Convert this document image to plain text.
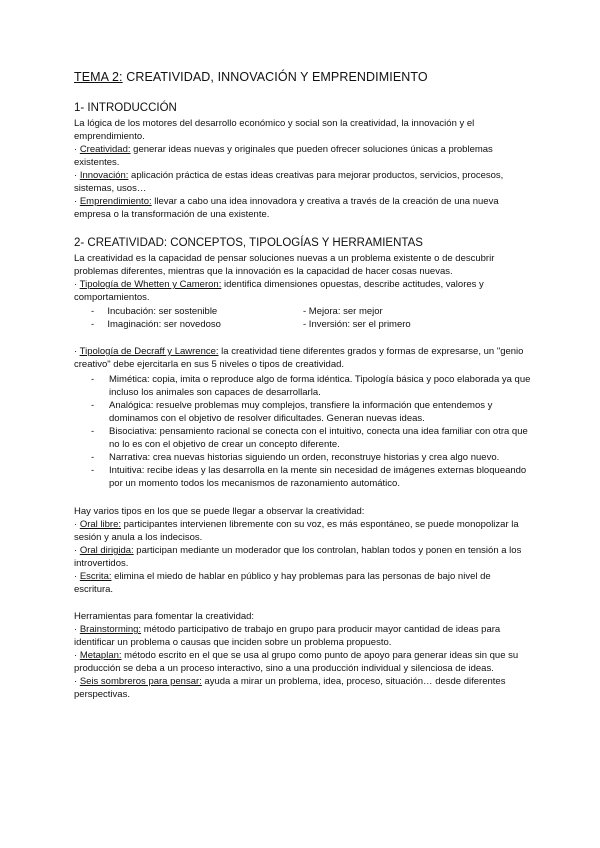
TEMA 2: CREATIVIDAD, INNOVACIÓN Y EMPRENDIMIENTO
1- INTRODUCCIÓN

La lógica de los motores del desarrollo económico y social son la creatividad, la innovación y el emprendimiento.

· Creatividad: generar ideas nuevas y originales que pueden ofrecer soluciones únicas a problemas existentes.

· Innovación: aplicación práctica de estas ideas creativas para mejorar productos, servicios, procesos, sistemas, usos…

· Emprendimiento: llevar a cabo una idea innovadora y creativa a través de la creación de una nueva empresa o la transformación de una existente.

2- CREATIVIDAD: CONCEPTOS, TIPOLOGÍAS Y HERRAMIENTAS

La creatividad es la capacidad de pensar soluciones nuevas a un problema existente o de descubrir problemas diferentes, mientras que la innovación es la capacidad de hacer cosas nuevas.

· Tipología de Whetten y Cameron: identifica dimensiones opuestas, describe actitudes, valores y comportamientos.

- Incubación: ser sostenible	- Mejora: ser mejor
- Imaginación: ser novedoso	- Inversión: ser el primero

· Tipología de Decraff y Lawrence: la creatividad tiene diferentes grados y formas de expresarse, un "genio creativo" debe ejercitarla en sus 5 niveles o tipos de creatividad.

- Mimética: copia, imita o reproduce algo de forma idéntica. Tipología básica y poco elaborada ya que incluso los animales son capaces de desarrollarla.
- Analógica: resuelve problemas muy complejos, transfiere la información que entendemos y dominamos con el objetivo de resolver dificultades. Generan nuevas ideas.
- Bisociativa: pensamiento racional se conecta con el intuitivo, conecta una idea familiar con otra que no lo es con el objetivo de crear un concepto diferente.
- Narrativa: crea nuevas historias siguiendo un orden, reconstruye historias y crea algo nuevo.
- Intuitiva: recibe ideas y las desarrolla en la mente sin necesidad de imágenes externas bloqueando por un momento todos los mecanismos de razonamiento automático.

Hay varios tipos en los que se puede llegar a observar la creatividad:

· Oral libre: participantes intervienen libremente con su voz, es más espontáneo, se puede monopolizar la sesión y anula a los indecisos.

· Oral dirigida: participan mediante un moderador que los controlan, hablan todos y ponen en tensión a los introvertidos.

· Escrita: elimina el miedo de hablar en público y hay problemas para las personas de bajo nivel de escritura.

Herramientas para fomentar la creatividad:

· Brainstorming: método participativo de trabajo en grupo para producir mayor cantidad de ideas para identificar un problema o causas que inciden sobre un problema propuesto.

· Metaplan: método escrito en el que se usa al grupo como punto de apoyo para generar ideas sin que su producción se deba a un proceso interactivo, sino a una producción individual y silenciosa de ideas.

· Seis sombreros para pensar: ayuda a mirar un problema, idea, proceso, situación… desde diferentes perspectivas.
